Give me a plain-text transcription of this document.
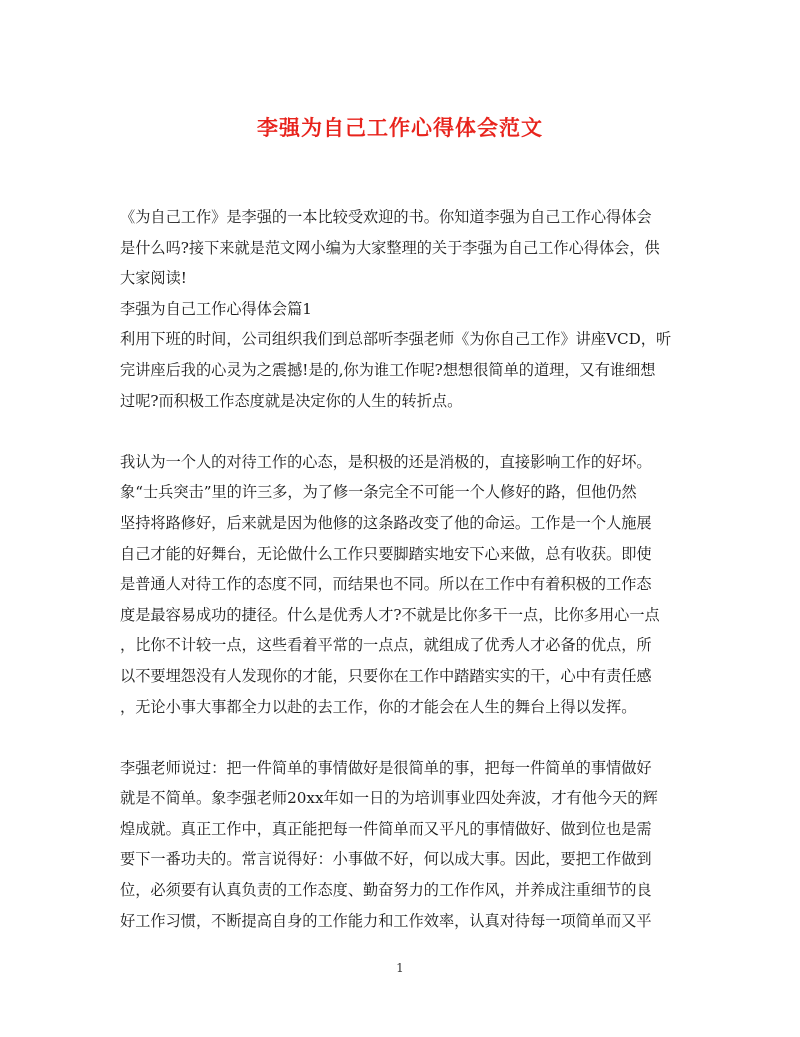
李强为自己工作心得体会范文
《为自己工作》是李强的一本比较受欢迎的书。你知道李强为自己工作心得体会
是什么吗?接下来就是范文网小编为大家整理的关于李强为自己工作心得体会，供
大家阅读!
李强为自己工作心得体会篇1
利用下班的时间，公司组织我们到总部听李强老师《为你自己工作》讲座VCD，听
完讲座后我的心灵为之震撼!是的,你为谁工作呢?想想很简单的道理，又有谁细想
过呢?而积极工作态度就是决定你的人生的转折点。
我认为一个人的对待工作的心态，是积极的还是消极的，直接影响工作的好坏。
象“士兵突击”里的许三多，为了修一条完全不可能一个人修好的路，但他仍然
坚持将路修好，后来就是因为他修的这条路改变了他的命运。工作是一个人施展
自己才能的好舞台，无论做什么工作只要脚踏实地安下心来做，总有收获。即使
是普通人对待工作的态度不同，而结果也不同。所以在工作中有着积极的工作态
度是最容易成功的捷径。什么是优秀人才?不就是比你多干一点，比你多用心一点
，比你不计较一点，这些看着平常的一点点，就组成了优秀人才必备的优点，所
以不要埋怨没有人发现你的才能，只要你在工作中踏踏实实的干，心中有责任感
，无论小事大事都全力以赴的去工作，你的才能会在人生的舞台上得以发挥。
李强老师说过：把一件简单的事情做好是很简单的事，把每一件简单的事情做好
就是不简单。象李强老师20xx年如一日的为培训事业四处奔波，才有他今天的辉
煌成就。真正工作中，真正能把每一件简单而又平凡的事情做好、做到位也是需
要下一番功夫的。常言说得好：小事做不好，何以成大事。因此，要把工作做到
位，必须要有认真负责的工作态度、勤奋努力的工作作风，并养成注重细节的良
好工作习惯，不断提高自身的工作能力和工作效率，认真对待每一项简单而又平
1
